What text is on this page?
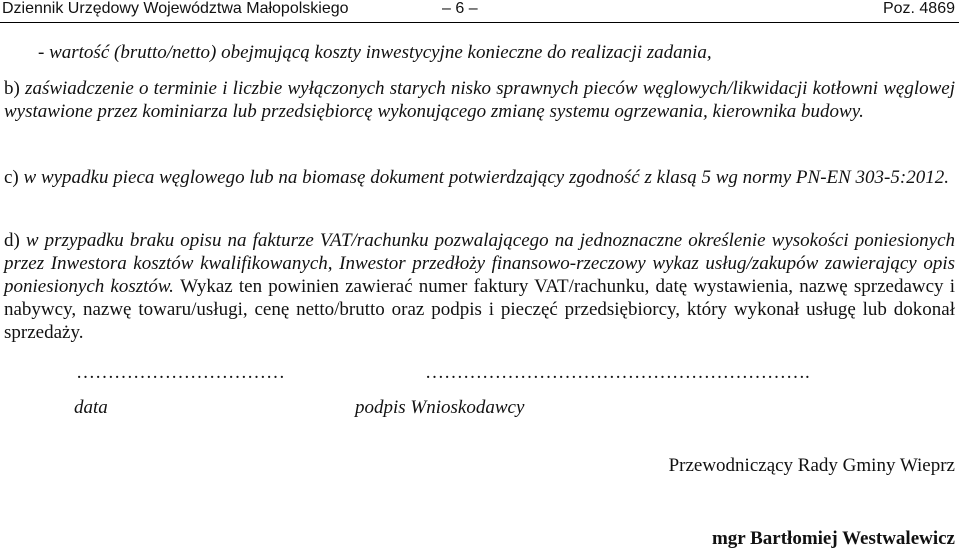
Dziennik Urzędowy Województwa Małopolskiego	– 6 –	Poz. 4869

- wartość (brutto/netto) obejmującą koszty inwestycyjne konieczne do realizacji zadania,

b) zaświadczenie o terminie i liczbie wyłączonych starych nisko sprawnych pieców węglowych/likwidacji kotłowni węglowej wystawione przez kominiarza lub przedsiębiorcę wykonującego zmianę systemu ogrzewania, kierownika budowy.

c) w wypadku pieca węglowego lub na biomasę dokument potwierdzający zgodność z klasą 5 wg normy PN-EN 303-5:2012.

d) w przypadku braku opisu na fakturze VAT/rachunku pozwalającego na jednoznaczne określenie wysokości poniesionych przez Inwestora kosztów kwalifikowanych, Inwestor przedłoży finansowo-rzeczowy wykaz usług/zakupów zawierający opis poniesionych kosztów. Wykaz ten powinien zawierać numer faktury VAT/rachunku, datę wystawienia, nazwę sprzedawcy i nabywcy, nazwę towaru/usługi, cenę netto/brutto oraz podpis i pieczęć przedsiębiorcy, który wykonał usługę lub dokonał sprzedaży.

……………………………	…………………………………………………….

data	podpis Wnioskodawcy

Przewodniczący Rady Gminy Wieprz

mgr Bartłomiej Westwalewicz
